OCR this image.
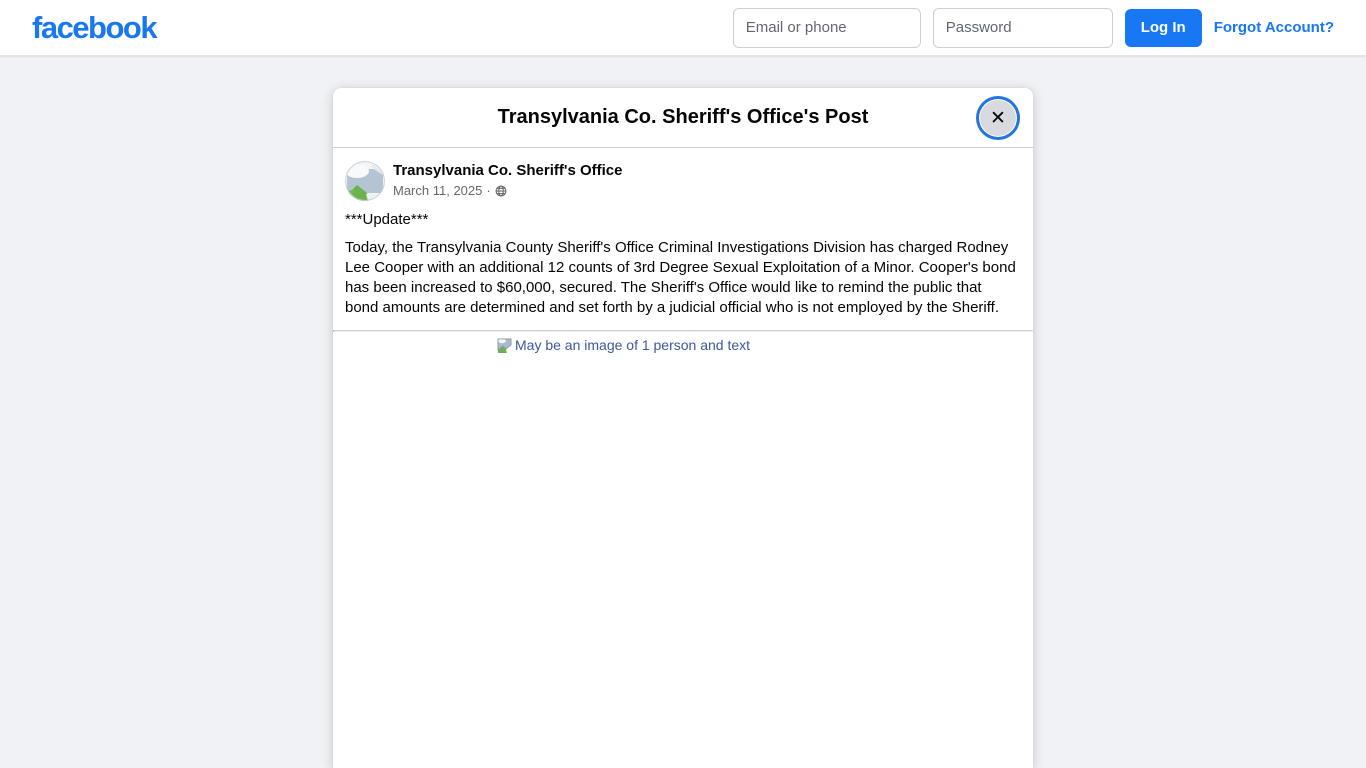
facebook
Email or phone	Log In	Forgot Account?
Transylvania Co. Sheriff's Office's Post	✕
Transylvania Co. Sheriff's Office
March 11, 2025 ·
***Update***
Today, the Transylvania County Sheriff's Office Criminal Investigations Division has charged Rodney Lee Cooper with an additional 12 counts of 3rd Degree Sexual Exploitation of a Minor. Cooper's bond has been increased to $60,000, secured. The Sheriff's Office would like to remind the public that bond amounts are determined and set forth by a judicial official who is not employed by the Sheriff.
May be an image of 1 person and text
